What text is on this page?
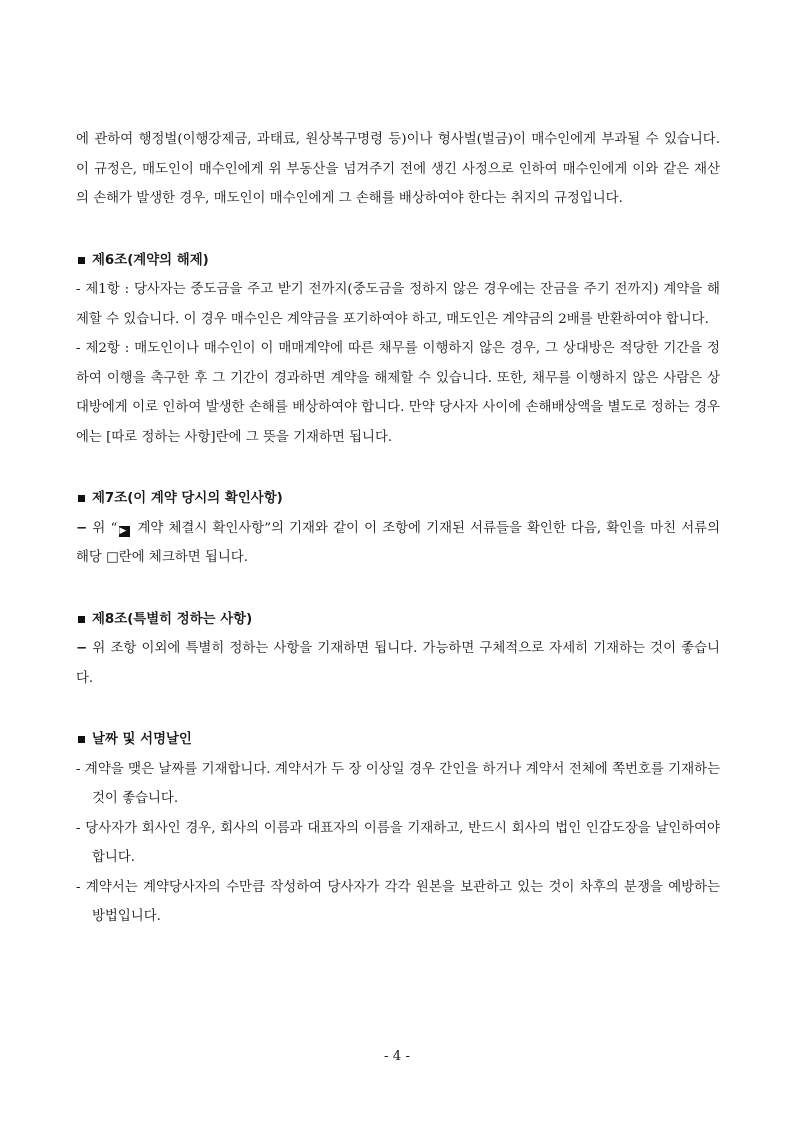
에 관하여 행정벌(이행강제금, 과태료, 원상복구명령 등)이나 형사벌(벌금)이 매수인에게 부과될 수 있습니다. 이 규정은, 매도인이 매수인에게 위 부동산을 넘겨주기 전에 생긴 사정으로 인하여 매수인에게 이와 같은 재산의 손해가 발생한 경우, 매도인이 매수인에게 그 손해를 배상하여야 한다는 취지의 규정입니다.

제6조(계약의 해제)

- 제1항 : 당사자는 중도금을 주고 받기 전까지(중도금을 정하지 않은 경우에는 잔금을 주기 전까지) 계약을 해제할 수 있습니다. 이 경우 매수인은 계약금을 포기하여야 하고, 매도인은 계약금의 2배를 반환하여야 합니다.

- 제2항 : 매도인이나 매수인이 이 매매계약에 따른 채무를 이행하지 않은 경우, 그 상대방은 적당한 기간을 정하여 이행을 촉구한 후 그 기간이 경과하면 계약을 해제할 수 있습니다. 또한, 채무를 이행하지 않은 사람은 상대방에게 이로 인하여 발생한 손해를 배상하여야 합니다. 만약 당사자 사이에 손해배상액을 별도로 정하는 경우에는 [따로 정하는 사항]란에 그 뜻을 기재하면 됩니다.

제7조(이 계약 당시의 확인사항)

− 위 “ ▶ 계약 체결시 확인사항”의 기재와 같이 이 조항에 기재된 서류들을 확인한 다음, 확인을 마친 서류의 해당 □란에 체크하면 됩니다.

제8조(특별히 정하는 사항)

− 위 조항 이외에 특별히 정하는 사항을 기재하면 됩니다. 가능하면 구체적으로 자세히 기재하는 것이 좋습니다.

날짜 및 서명날인

- 계약을 맺은 날짜를 기재합니다. 계약서가 두 장 이상일 경우 간인을 하거나 계약서 전체에 쪽번호를 기재하는 것이 좋습니다.
- 당사자가 회사인 경우, 회사의 이름과 대표자의 이름을 기재하고, 반드시 회사의 법인 인감도장을 날인하여야 합니다.
- 계약서는 계약당사자의 수만큼 작성하여 당사자가 각각 원본을 보관하고 있는 것이 차후의 분쟁을 예방하는 방법입니다.
- 4 -
